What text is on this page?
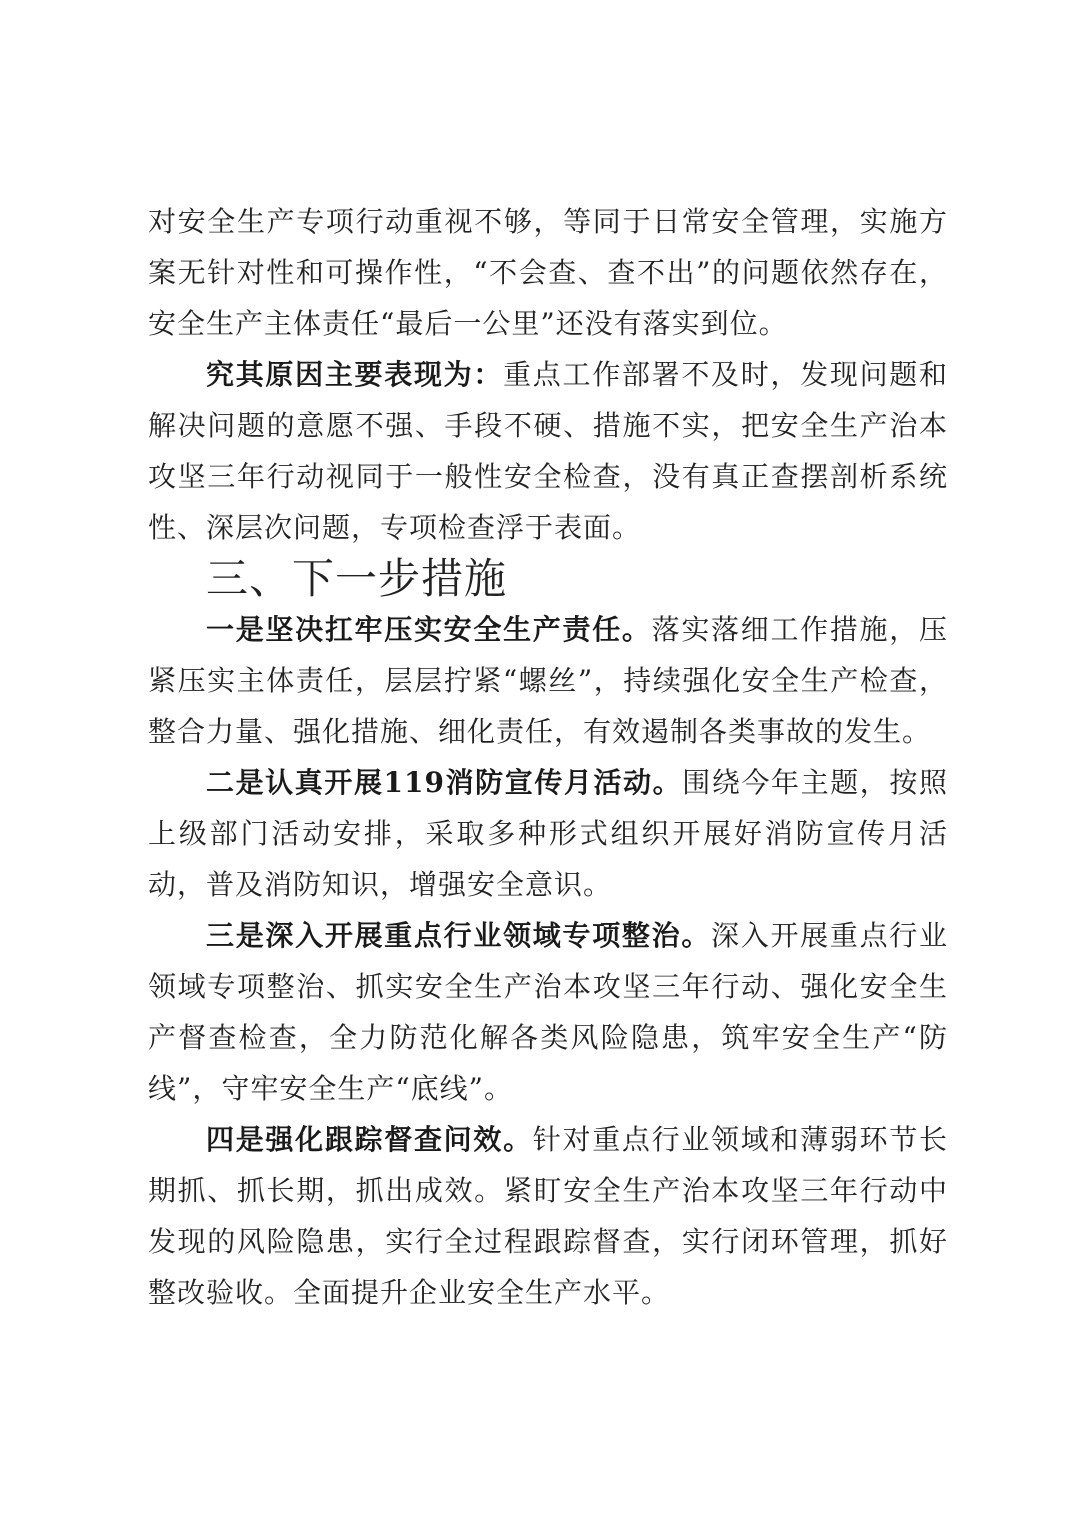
对安全生产专项行动重视不够，等同于日常安全管理，实施方案无针对性和可操作性，“不会查、查不出”的问题依然存在，安全生产主体责任“最后一公里”还没有落实到位。

究其原因主要表现为：重点工作部署不及时，发现问题和解决问题的意愿不强、手段不硬、措施不实，把安全生产治本攻坚三年行动视同于一般性安全检查，没有真正查摆剖析系统性、深层次问题，专项检查浮于表面。

三、下一步措施

一是坚决扛牢压实安全生产责任。落实落细工作措施，压紧压实主体责任，层层拧紧“螺丝”，持续强化安全生产检查，整合力量、强化措施、细化责任，有效遏制各类事故的发生。

二是认真开展119消防宣传月活动。围绕今年主题，按照上级部门活动安排，采取多种形式组织开展好消防宣传月活动，普及消防知识，增强安全意识。

三是深入开展重点行业领域专项整治。深入开展重点行业领域专项整治、抓实安全生产治本攻坚三年行动、强化安全生产督查检查，全力防范化解各类风险隐患，筑牢安全生产“防线”，守牢安全生产“底线”。

四是强化跟踪督查问效。针对重点行业领域和薄弱环节长期抓、抓长期，抓出成效。紧盯安全生产治本攻坚三年行动中发现的风险隐患，实行全过程跟踪督查，实行闭环管理，抓好整改验收。全面提升企业安全生产水平。
